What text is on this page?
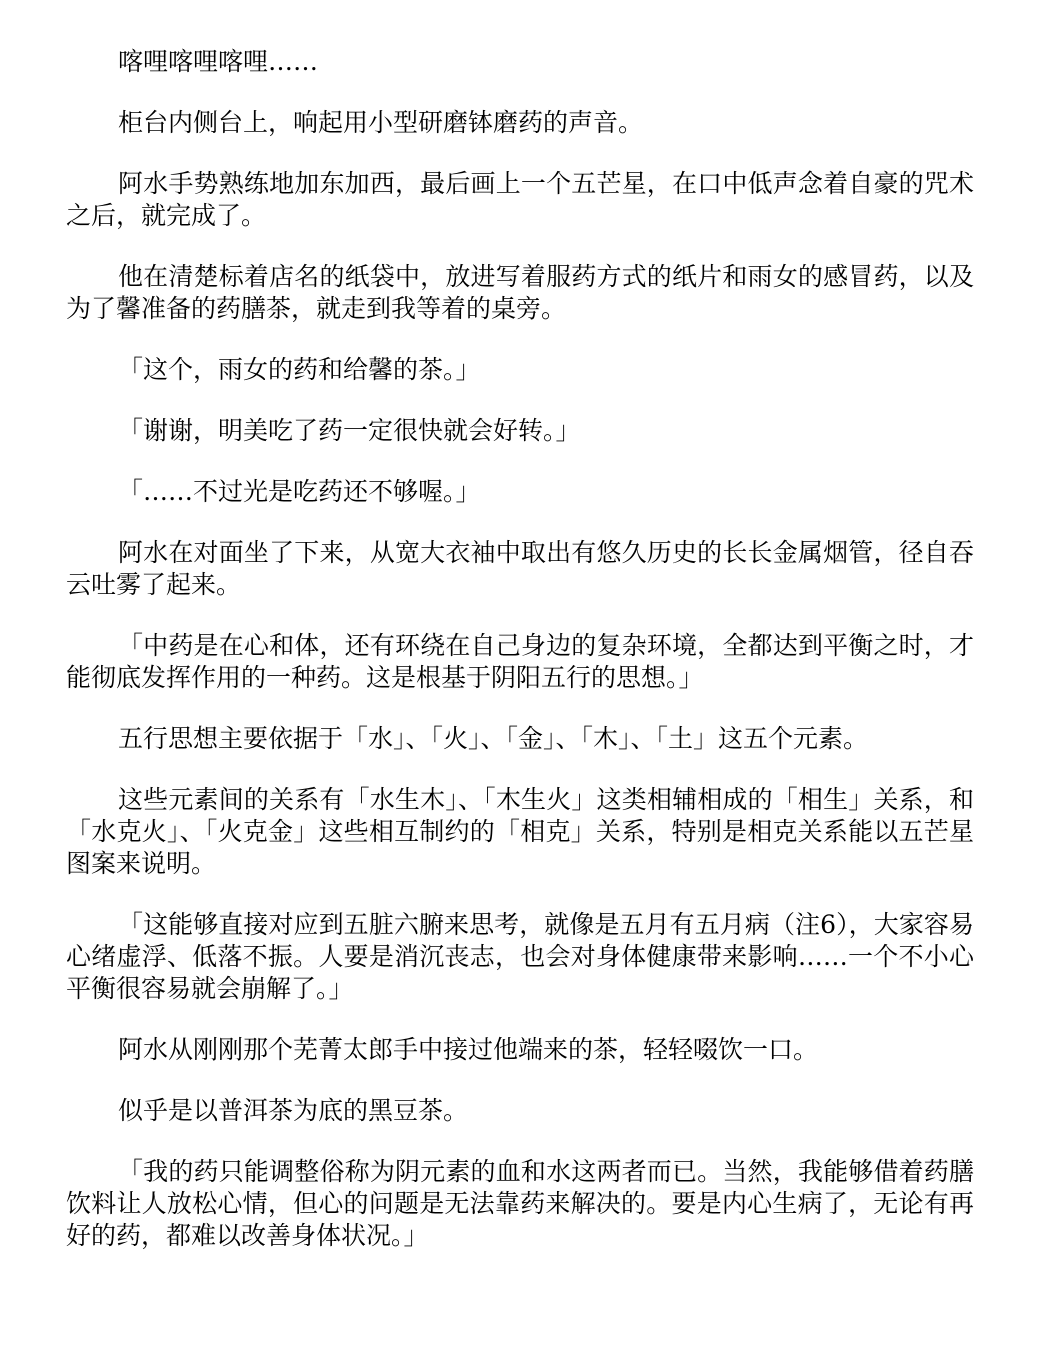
喀哩喀哩喀哩……

柜台内侧台上，响起用小型研磨钵磨药的声音。

阿水手势熟练地加东加西，最后画上一个五芒星，在口中低声念着自豪的咒术之后，就完成了。

他在清楚标着店名的纸袋中，放进写着服药方式的纸片和雨女的感冒药，以及为了馨准备的药膳茶，就走到我等着的桌旁。

「这个，雨女的药和给馨的茶。」

「谢谢，明美吃了药一定很快就会好转。」

「……不过光是吃药还不够喔。」

阿水在对面坐了下来，从宽大衣袖中取出有悠久历史的长长金属烟管，径自吞云吐雾了起来。

「中药是在心和体，还有环绕在自己身边的复杂环境，全都达到平衡之时，才能彻底发挥作用的一种药。这是根基于阴阳五行的思想。」

五行思想主要依据于「水」、「火」、「金」、「木」、「土」这五个元素。

这些元素间的关系有「水生木」、「木生火」这类相辅相成的「相生」关系，和「水克火」、「火克金」这些相互制约的「相克」关系，特别是相克关系能以五芒星图案来说明。

「这能够直接对应到五脏六腑来思考，就像是五月有五月病（注6），大家容易心绪虚浮、低落不振。人要是消沉丧志，也会对身体健康带来影响……一个不小心平衡很容易就会崩解了。」

阿水从刚刚那个芜菁太郎手中接过他端来的茶，轻轻啜饮一口。

似乎是以普洱茶为底的黑豆茶。

「我的药只能调整俗称为阴元素的血和水这两者而已。当然，我能够借着药膳饮料让人放松心情，但心的问题是无法靠药来解决的。要是内心生病了，无论有再好的药，都难以改善身体状况。」
